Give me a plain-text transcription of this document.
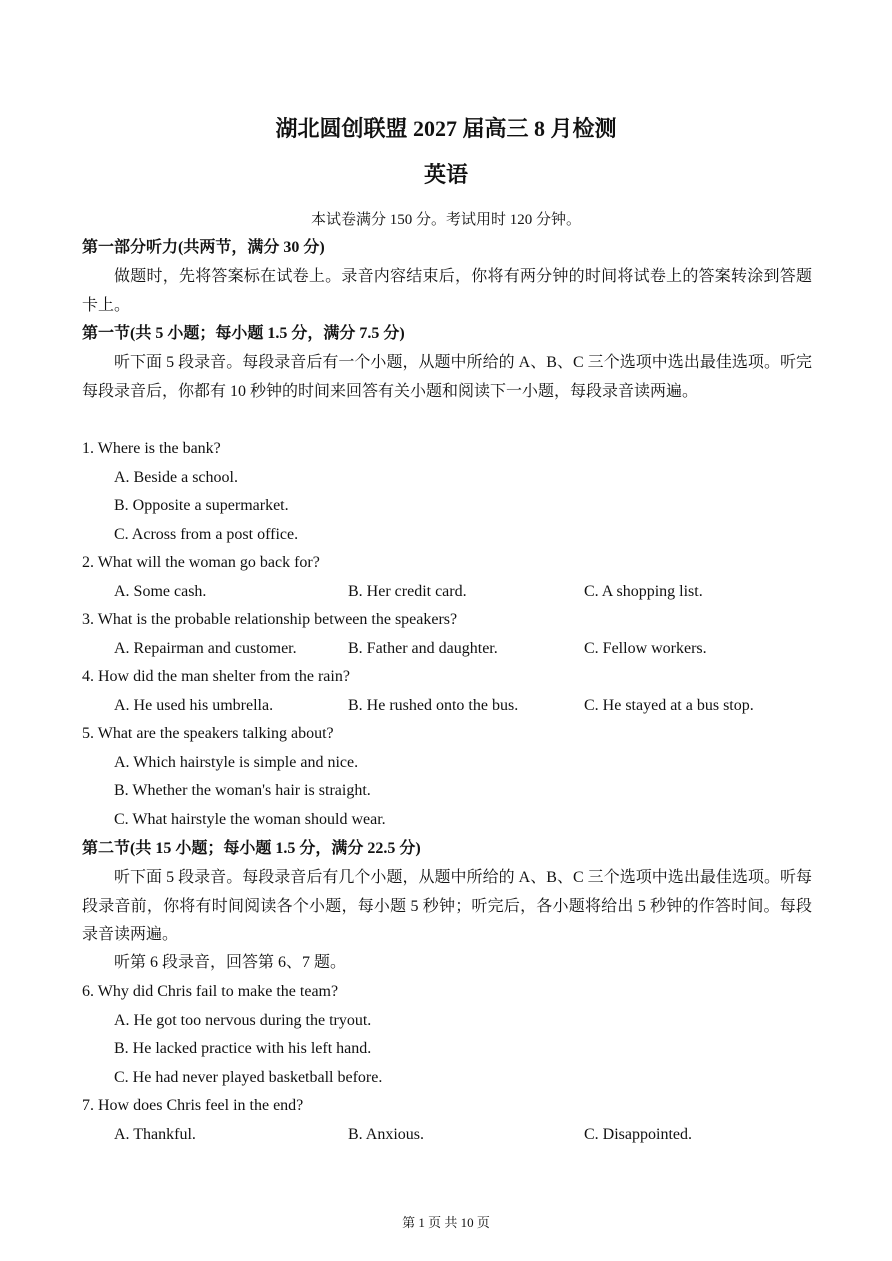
湖北圆创联盟 2027 届高三 8 月检测
英语
本试卷满分 150 分。考试用时 120 分钟。
第一部分听力(共两节，满分 30 分)
做题时，先将答案标在试卷上。录音内容结束后，你将有两分钟的时间将试卷上的答案转涂到答题卡上。
第一节(共 5 小题；每小题 1.5 分，满分 7.5 分)
听下面 5 段录音。每段录音后有一个小题，从题中所给的 A、B、C 三个选项中选出最佳选项。听完每段录音后，你都有 10 秒钟的时间来回答有关小题和阅读下一小题，每段录音读两遍。
1. Where is the bank?
A. Beside a school.
B. Opposite a supermarket.
C. Across from a post office.
2. What will the woman go back for?
A. Some cash.	B. Her credit card.	C. A shopping list.
3. What is the probable relationship between the speakers?
A. Repairman and customer.	B. Father and daughter.	C. Fellow workers.
4. How did the man shelter from the rain?
A. He used his umbrella.	B. He rushed onto the bus.	C. He stayed at a bus stop.
5. What are the speakers talking about?
A. Which hairstyle is simple and nice.
B. Whether the woman's hair is straight.
C. What hairstyle the woman should wear.
第二节(共 15 小题；每小题 1.5 分，满分 22.5 分)
听下面 5 段录音。每段录音后有几个小题，从题中所给的 A、B、C 三个选项中选出最佳选项。听每段录音前，你将有时间阅读各个小题，每小题 5 秒钟；听完后，各小题将给出 5 秒钟的作答时间。每段录音读两遍。
听第 6 段录音，回答第 6、7 题。
6. Why did Chris fail to make the team?
A. He got too nervous during the tryout.
B. He lacked practice with his left hand.
C. He had never played basketball before.
7. How does Chris feel in the end?
A. Thankful.	B. Anxious.	C. Disappointed.
第 1 页 共 10 页
